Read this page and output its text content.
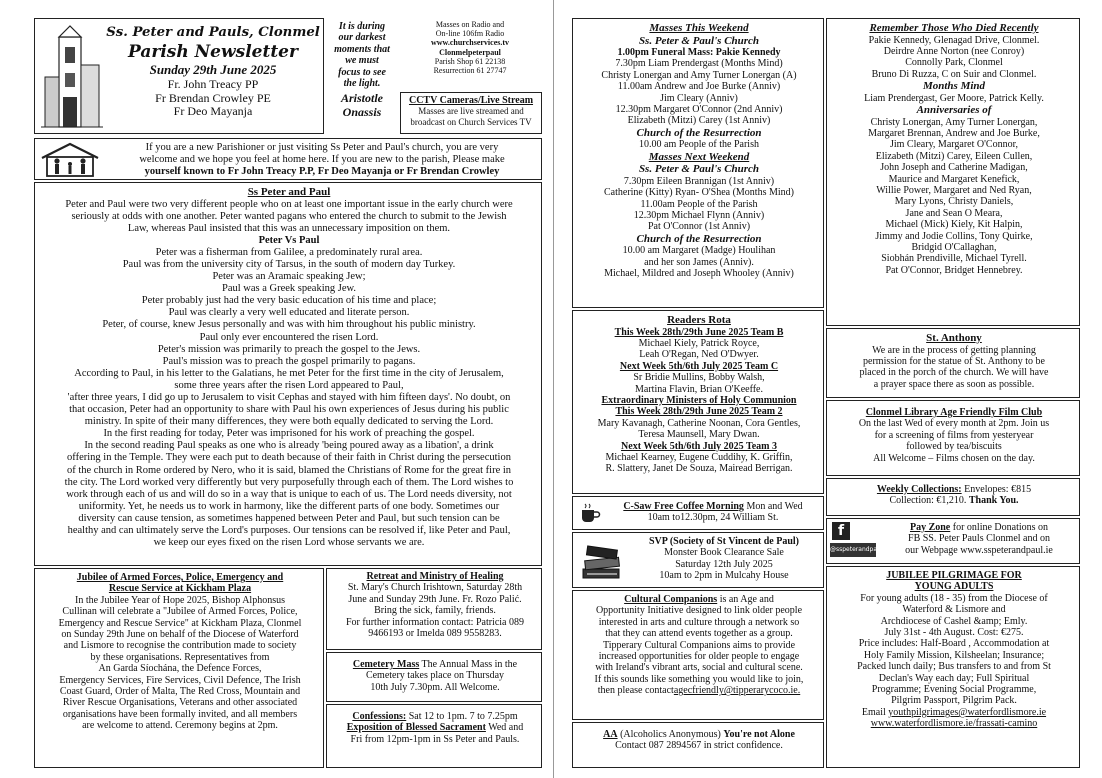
Ss. Peter and Pauls, Clonmel
Parish Newsletter
Sunday 29th June 2025
Fr. John Treacy PP
Fr Brendan Crowley PE
Fr Deo Mayanja
It is during
our darkest
moments that
we must
focus to see
the light.
Aristotle
Onassis
Masses on Radio and
On-line 106fm Radio
www.churchservices.tv
Clonmelpeterpaul
Parish Shop 61 22138
Resurrection 61 27747
CCTV Cameras/Live Stream
Masses are live streamed and
broadcast on Church Services TV
If you are a new Parishioner or just visiting Ss Peter and Paul's church, you are very
welcome and we hope you feel at home here. If you are new to the parish, Please make
yourself known to Fr John Treacy P.P, Fr Deo Mayanja or Fr Brendan Crowley
Ss Peter and Paul
Peter and Paul were two very different people who on at least one important issue in the early church were
seriously at odds with one another. Peter wanted pagans who entered the church to submit to the Jewish
Law, whereas Paul insisted that this was an unnecessary imposition on them.
Peter Vs Paul
Peter was a fisherman from Galilee, a predominately rural area.
Paul was from the university city of Tarsus, in the south of modern day Turkey.
Peter was an Aramaic speaking Jew;
Paul was a Greek speaking Jew.
Peter probably just had the very basic education of his time and place;
Paul was clearly a very well educated and literate person.
Peter, of course, knew Jesus personally and was with him throughout his public ministry.
Paul only ever encountered the risen Lord.
Peter's mission was primarily to preach the gospel to the Jews.
Paul's mission was to preach the gospel primarily to pagans.
According to Paul, in his letter to the Galatians, he met Peter for the first time in the city of Jerusalem,
some three years after the risen Lord appeared to Paul,
'after three years, I did go up to Jerusalem to visit Cephas and stayed with him fifteen days'. No doubt, on
that occasion, Peter had an opportunity to share with Paul his own experiences of Jesus during his public
ministry. In spite of their many differences, they were both equally dedicated to serving the Lord.
In the first reading for today, Peter was imprisoned for his work of preaching the gospel.
In the second reading Paul speaks as one who is already 'being poured away as a libation', a drink
offering in the Temple. They were each put to death because of their faith in Christ during the persecution
of the church in Rome ordered by Nero, who it is said, blamed the Christians of Rome for the great fire in
the city. The Lord worked very differently but very purposefully through each of them. The Lord wishes to
work through each of us and will do so in a way that is unique to each of us. The Lord needs diversity, not
uniformity. Yet, he needs us to work in harmony, like the different parts of one body. Sometimes our
diversity can cause tension, as sometimes happened between Peter and Paul, but such tension can be
healthy and can ultimately serve the Lord's purposes. Our tensions can be resolved if, like Peter and Paul,
we keep our eyes fixed on the risen Lord whose servants we are.
Jubilee of Armed Forces, Police, Emergency and
Rescue Service at Kickham Plaza
In the Jubilee Year of Hope 2025, Bishop Alphonsus
Cullinan will celebrate a "Jubilee of Armed Forces, Police,
Emergency and Rescue Service" at Kickham Plaza, Clonmel
on Sunday 29th June on behalf of the Diocese of Waterford
and Lismore to recognise the contribution made to society
by these organisations. Representatives from
An Garda Síochána, the Defence Forces,
Emergency Services, Fire Services, Civil Defence, The Irish
Coast Guard, Order of Malta, The Red Cross, Mountain and
River Rescue Organisations, Veterans and other associated
organisations have been formally invited, and all members
are welcome to attend. Ceremony begins at 2pm.
Retreat and Ministry of Healing
St. Mary's Church Irishtown, Saturday 28th
June and Sunday 29th June. Fr. Rozo Palić.
Bring the sick, family, friends.
For further information contact: Patricia 089
9466193 or Imelda 089 9558283.
Cemetery Mass The Annual Mass in the
Cemetery takes place on Thursday
10th July 7.30pm. All Welcome.
Confessions: Sat 12 to 1pm. 7 to 7.25pm
Exposition of Blessed Sacrament Wed and
Fri from 12pm-1pm in Ss Peter and Pauls.
Masses This Weekend
Ss. Peter & Paul's Church
1.00pm Funeral Mass: Pakie Kennedy
7.30pm Liam Prendergast (Months Mind)
Christy Lonergan and Amy Turner Lonergan (A)
11.00am Andrew and Joe Burke (Anniv)
Jim Cleary (Anniv)
12.30pm Margaret O'Connor (2nd Anniv)
Elizabeth (Mitzi) Carey (1st Anniv)
Church of the Resurrection
10.00 am People of the Parish
Masses Next Weekend
Ss. Peter & Paul's Church
7.30pm Eileen Brannigan (1st Anniv)
Catherine (Kitty) Ryan- O'Shea (Months Mind)
11.00am People of the Parish
12.30pm Michael Flynn (Anniv)
Pat O'Connor (1st Anniv)
Church of the Resurrection
10.00 am Margaret (Madge) Houlihan
and her son James (Anniv).
Michael, Mildred and Joseph Whooley (Anniv)
Remember Those Who Died Recently
Pakie Kennedy, Glenagad Drive, Clonmel.
Deirdre Anne Norton (nee Conroy)
Connolly Park, Clonmel
Bruno Di Ruzza, C on Suir and Clonmel.
Months Mind
Liam Prendergast, Ger Moore, Patrick Kelly.
Anniversaries of
Christy Lonergan, Amy Turner Lonergan,
Margaret Brennan, Andrew and Joe Burke,
Jim Cleary, Margaret O'Connor,
Elizabeth (Mitzi) Carey, Eileen Cullen,
John Joseph and Catherine Madigan,
Maurice and Margaret Kenefick,
Willie Power, Margaret and Ned Ryan,
Mary Lyons, Christy Daniels,
Jane and Sean O Meara,
Michael (Mick) Kiely, Kit Halpin,
Jimmy and Jodie Collins, Tony Quirke,
Bridgid O'Callaghan,
Siobhán Prendiville, Michael Tyrell.
Pat O'Connor, Bridget Hennebrey.
Readers Rota
This Week 28th/29th June 2025 Team B
Michael Kiely, Patrick Royce,
Leah O'Regan, Ned O'Dwyer.
Next Week 5th/6th July 2025 Team C
Sr Bridie Mullins, Bobby Walsh,
Martina Flavin, Brian O'Keeffe.
Extraordinary Ministers of Holy Communion
This Week 28th/29th June 2025 Team 2
Mary Kavanagh, Catherine Noonan, Cora Gentles,
Teresa Maunsell, Mary Dwan.
Next Week 5th/6th July 2025 Team 3
Michael Kearney, Eugene Cuddihy, K. Griffin,
R. Slattery, Janet De Souza, Mairead Berrigan.
C-Saw Free Coffee Morning Mon and Wed
10am to12.30pm, 24 William St.
SVP (Society of St Vincent de Paul)
Monster Book Clearance Sale
Saturday 12th July 2025
10am to 2pm in Mulcahy House
Cultural Companions is an Age and
Opportunity Initiative designed to link older people
interested in arts and culture through a network so
that they can attend events together as a group.
Tipperary Cultural Companions aims to provide
increased opportunities for older people to engage
with Ireland's vibrant arts, social and cultural scene.
If this sounds like something you would like to join,
then please contactagecfriendly@tipperarycoco.ie.
AA (Alcoholics Anonymous) You're not Alone
Contact 087 2894567 in strict confidence.
St. Anthony
We are in the process of getting planning
permission for the statue of St. Anthony to be
placed in the porch of the church. We will have
a prayer space there as soon as possible.
Clonmel Library Age Friendly Film Club
On the last Wed of every month at 2pm. Join us
for a screening of films from yesteryear
followed by tea/biscuits
All Welcome – Films chosen on the day.
Weekly Collections: Envelopes: €815
Collection: €1,210. Thank You.
f
@sspeterandpaul
Pay Zone for online Donations on
FB SS. Peter Pauls Clonmel and on
our Webpage www.sspeterandpaul.ie
JUBILEE PILGRIMAGE FOR
YOUNG ADULTS
For young adults (18 - 35) from the Diocese of
Waterford & Lismore and
Archdiocese of Cashel &amp; Emly.
July 31st - 4th August. Cost: €275.
Price includes: Half-Board , Accommodation at
Holy Family Mission, Kilsheelan; Insurance;
Packed lunch daily; Bus transfers to and from St
Declan's Way each day; Full Spiritual
Programme; Evening Social Programme,
Pilgrim Passport, Pilgrim Pack.
Email youthpilgrimages@waterfordlismore.ie
www.waterfordlismore.ie/frassati-camino
